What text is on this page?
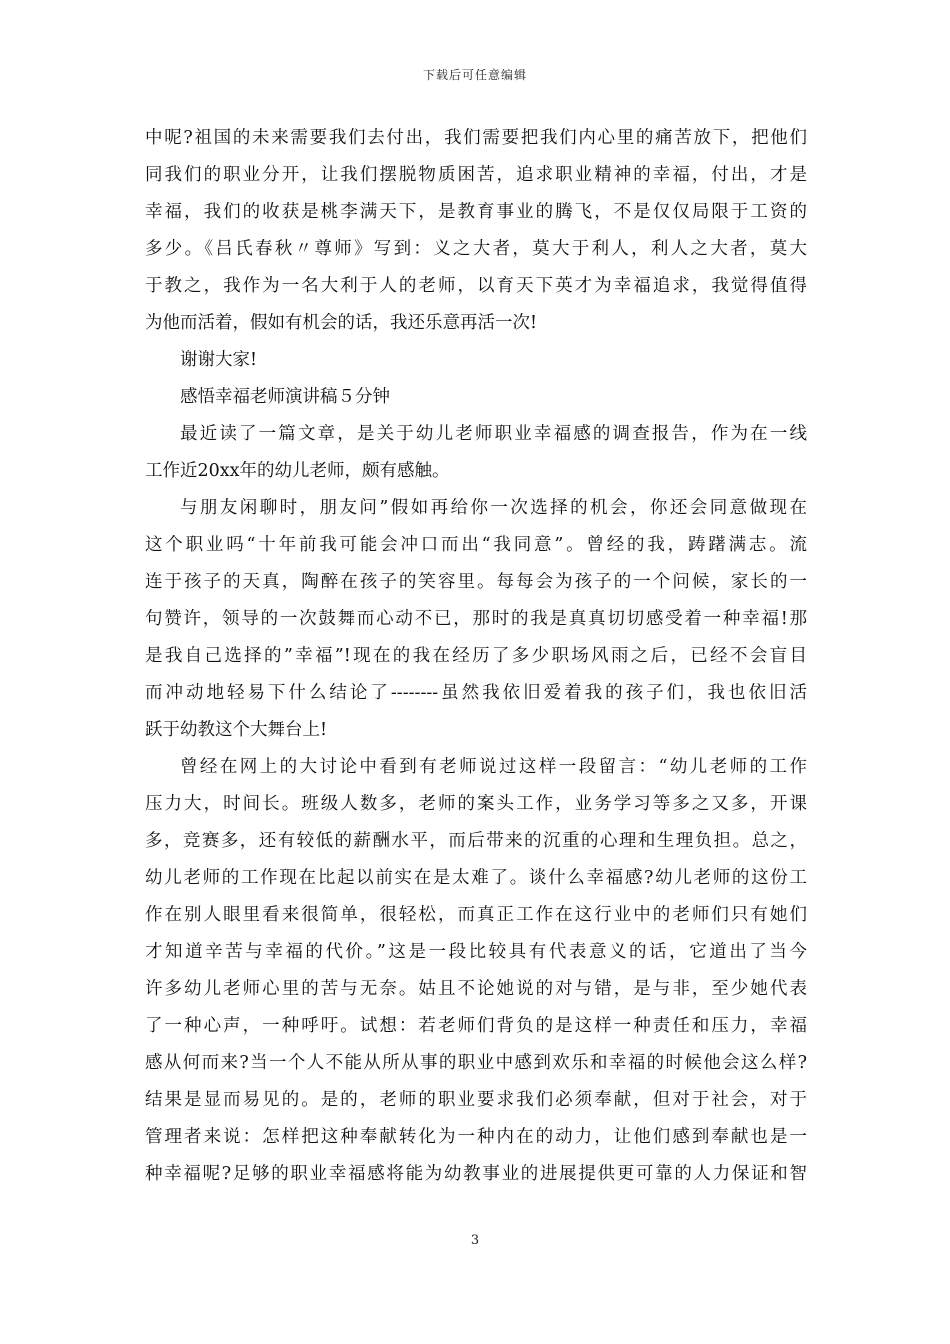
下载后可任意编辑
中呢?祖国的未来需要我们去付出，我们需要把我们内心里的痛苦放下，把他们
同我们的职业分开，让我们摆脱物质困苦，追求职业精神的幸福，付出，才是
幸福，我们的收获是桃李满天下，是教育事业的腾飞，不是仅仅局限于工资的
多少。《吕氏春秋〃尊师》写到：义之大者，莫大于利人，利人之大者，莫大
于教之，我作为一名大利于人的老师，以育天下英才为幸福追求，我觉得值得
为他而活着，假如有机会的话，我还乐意再活一次!
谢谢大家!
感悟幸福老师演讲稿５分钟
最近读了一篇文章，是关于幼儿老师职业幸福感的调查报告，作为在一线
工作近20xx年的幼儿老师，颇有感触。
与朋友闲聊时，朋友问”假如再给你一次选择的机会，你还会同意做现在
这个职业吗“十年前我可能会冲口而出“我同意”。曾经的我，踌躇满志。流
连于孩子的天真，陶醉在孩子的笑容里。每每会为孩子的一个问候，家长的一
句赞许，领导的一次鼓舞而心动不已，那时的我是真真切切感受着一种幸福!那
是我自己选择的”幸福”!现在的我在经历了多少职场风雨之后，已经不会盲目
而冲动地轻易下什么结论了--------虽然我依旧爱着我的孩子们，我也依旧活
跃于幼教这个大舞台上!
曾经在网上的大讨论中看到有老师说过这样一段留言：“幼儿老师的工作
压力大，时间长。班级人数多，老师的案头工作，业务学习等多之又多，开课
多，竞赛多，还有较低的薪酬水平，而后带来的沉重的心理和生理负担。总之，
幼儿老师的工作现在比起以前实在是太难了。谈什么幸福感?幼儿老师的这份工
作在别人眼里看来很简单，很轻松，而真正工作在这行业中的老师们只有她们
才知道辛苦与幸福的代价。”这是一段比较具有代表意义的话，它道出了当今
许多幼儿老师心里的苦与无奈。姑且不论她说的对与错，是与非，至少她代表
了一种心声，一种呼吁。试想：若老师们背负的是这样一种责任和压力，幸福
感从何而来?当一个人不能从所从事的职业中感到欢乐和幸福的时候他会这么样?
结果是显而易见的。是的，老师的职业要求我们必须奉献，但对于社会，对于
管理者来说：怎样把这种奉献转化为一种内在的动力，让他们感到奉献也是一
种幸福呢?足够的职业幸福感将能为幼教事业的进展提供更可靠的人力保证和智
3
